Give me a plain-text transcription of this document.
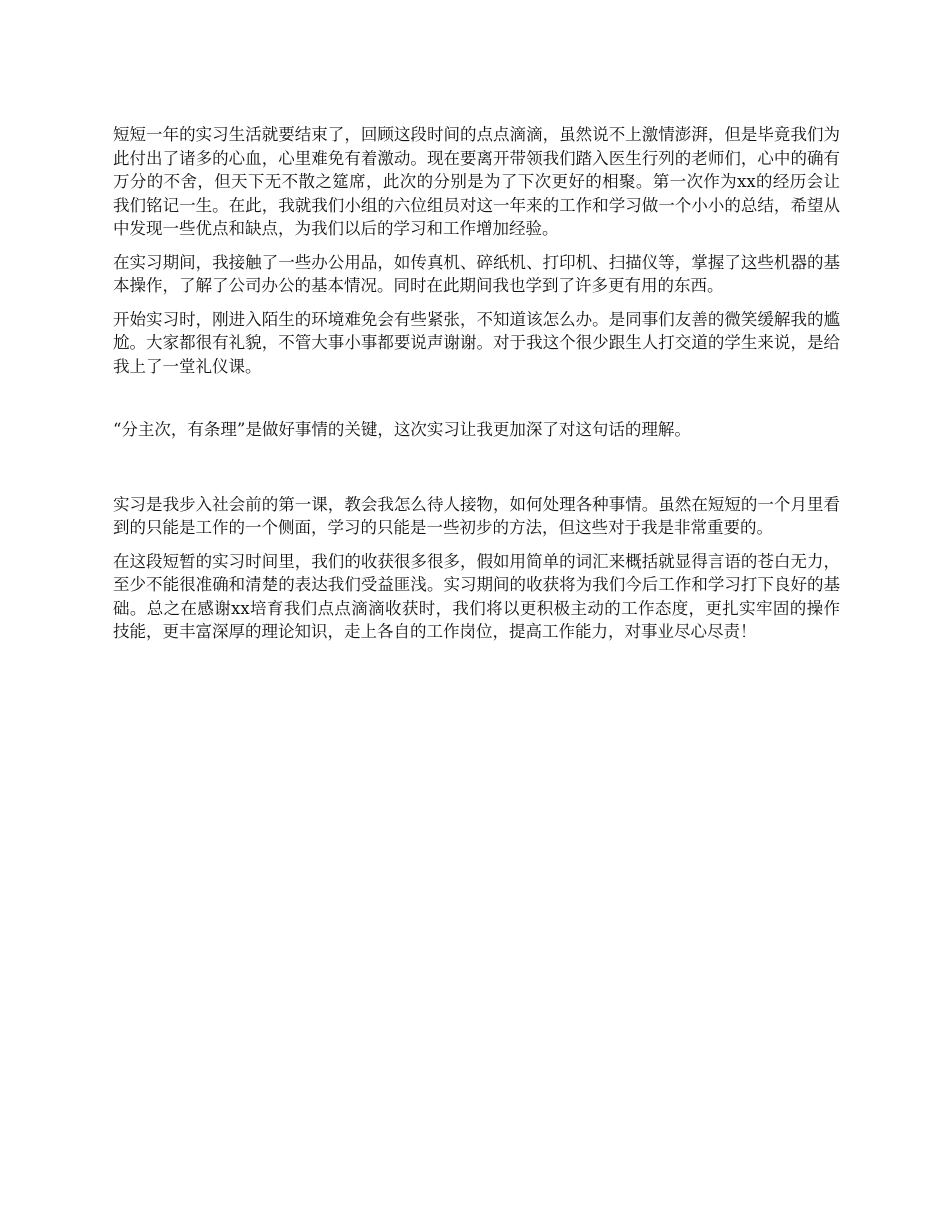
短短一年的实习生活就要结束了，回顾这段时间的点点滴滴，虽然说不上激情澎湃，但是毕竟我们为此付出了诸多的心血，心里难免有着激动。现在要离开带领我们踏入医生行列的老师们，心中的确有万分的不舍，但天下无不散之筵席，此次的分别是为了下次更好的相聚。第一次作为xx的经历会让我们铭记一生。在此，我就我们小组的六位组员对这一年来的工作和学习做一个小小的总结，希望从中发现一些优点和缺点，为我们以后的学习和工作增加经验。

在实习期间，我接触了一些办公用品，如传真机、碎纸机、打印机、扫描仪等，掌握了这些机器的基本操作，了解了公司办公的基本情况。同时在此期间我也学到了许多更有用的东西。

开始实习时，刚进入陌生的环境难免会有些紧张，不知道该怎么办。是同事们友善的微笑缓解我的尴尬。大家都很有礼貌，不管大事小事都要说声谢谢。对于我这个很少跟生人打交道的学生来说，是给我上了一堂礼仪课。

“分主次，有条理”是做好事情的关键，这次实习让我更加深了对这句话的理解。

实习是我步入社会前的第一课，教会我怎么待人接物，如何处理各种事情。虽然在短短的一个月里看到的只能是工作的一个侧面，学习的只能是一些初步的方法，但这些对于我是非常重要的。

在这段短暂的实习时间里，我们的收获很多很多，假如用简单的词汇来概括就显得言语的苍白无力，至少不能很准确和清楚的表达我们受益匪浅。实习期间的收获将为我们今后工作和学习打下良好的基础。总之在感谢xx培育我们点点滴滴收获时，我们将以更积极主动的工作态度，更扎实牢固的操作技能，更丰富深厚的理论知识，走上各自的工作岗位，提高工作能力，对事业尽心尽责！
